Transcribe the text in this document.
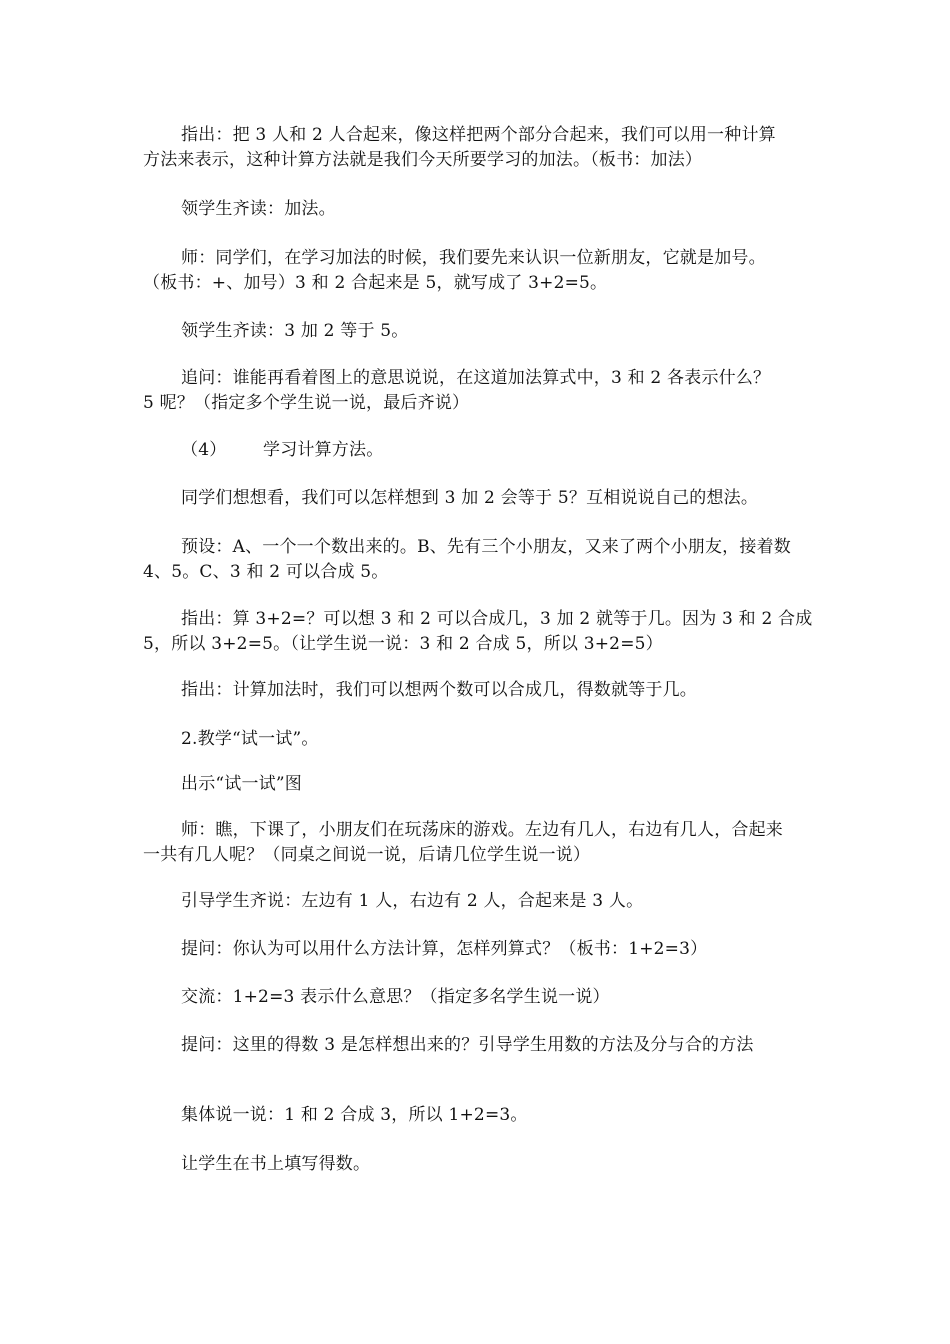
指出：把 3 人和 2 人合起来，像这样把两个部分合起来，我们可以用一种计算
方法来表示，这种计算方法就是我们今天所要学习的加法。（板书：加法）
领学生齐读：加法。
师：同学们，在学习加法的时候，我们要先来认识一位新朋友，它就是加号。
（板书：+、加号）3 和 2 合起来是 5，就写成了 3+2=5。
领学生齐读：3 加 2 等于 5。
追问：谁能再看着图上的意思说说，在这道加法算式中，3 和 2 各表示什么？
5 呢？（指定多个学生说一说，最后齐说）
（4） 学习计算方法。
同学们想想看，我们可以怎样想到 3 加 2 会等于 5？互相说说自己的想法。
预设：A、一个一个数出来的。B、先有三个小朋友，又来了两个小朋友，接着数
4、5。C、3 和 2 可以合成 5。
指出：算 3+2=？可以想 3 和 2 可以合成几，3 加 2 就等于几。因为 3 和 2 合成
5，所以 3+2=5。（让学生说一说：3 和 2 合成 5，所以 3+2=5）
指出：计算加法时，我们可以想两个数可以合成几，得数就等于几。
2.教学“试一试”。
出示“试一试”图
师：瞧，下课了，小朋友们在玩荡床的游戏。左边有几人，右边有几人，合起来
一共有几人呢？（同桌之间说一说，后请几位学生说一说）
引导学生齐说：左边有 1 人，右边有 2 人，合起来是 3 人。
提问：你认为可以用什么方法计算，怎样列算式？（板书：1+2=3）
交流：1+2=3 表示什么意思？（指定多名学生说一说）
提问：这里的得数 3 是怎样想出来的？引导学生用数的方法及分与合的方法
集体说一说：1 和 2 合成 3，所以 1+2=3。
让学生在书上填写得数。
